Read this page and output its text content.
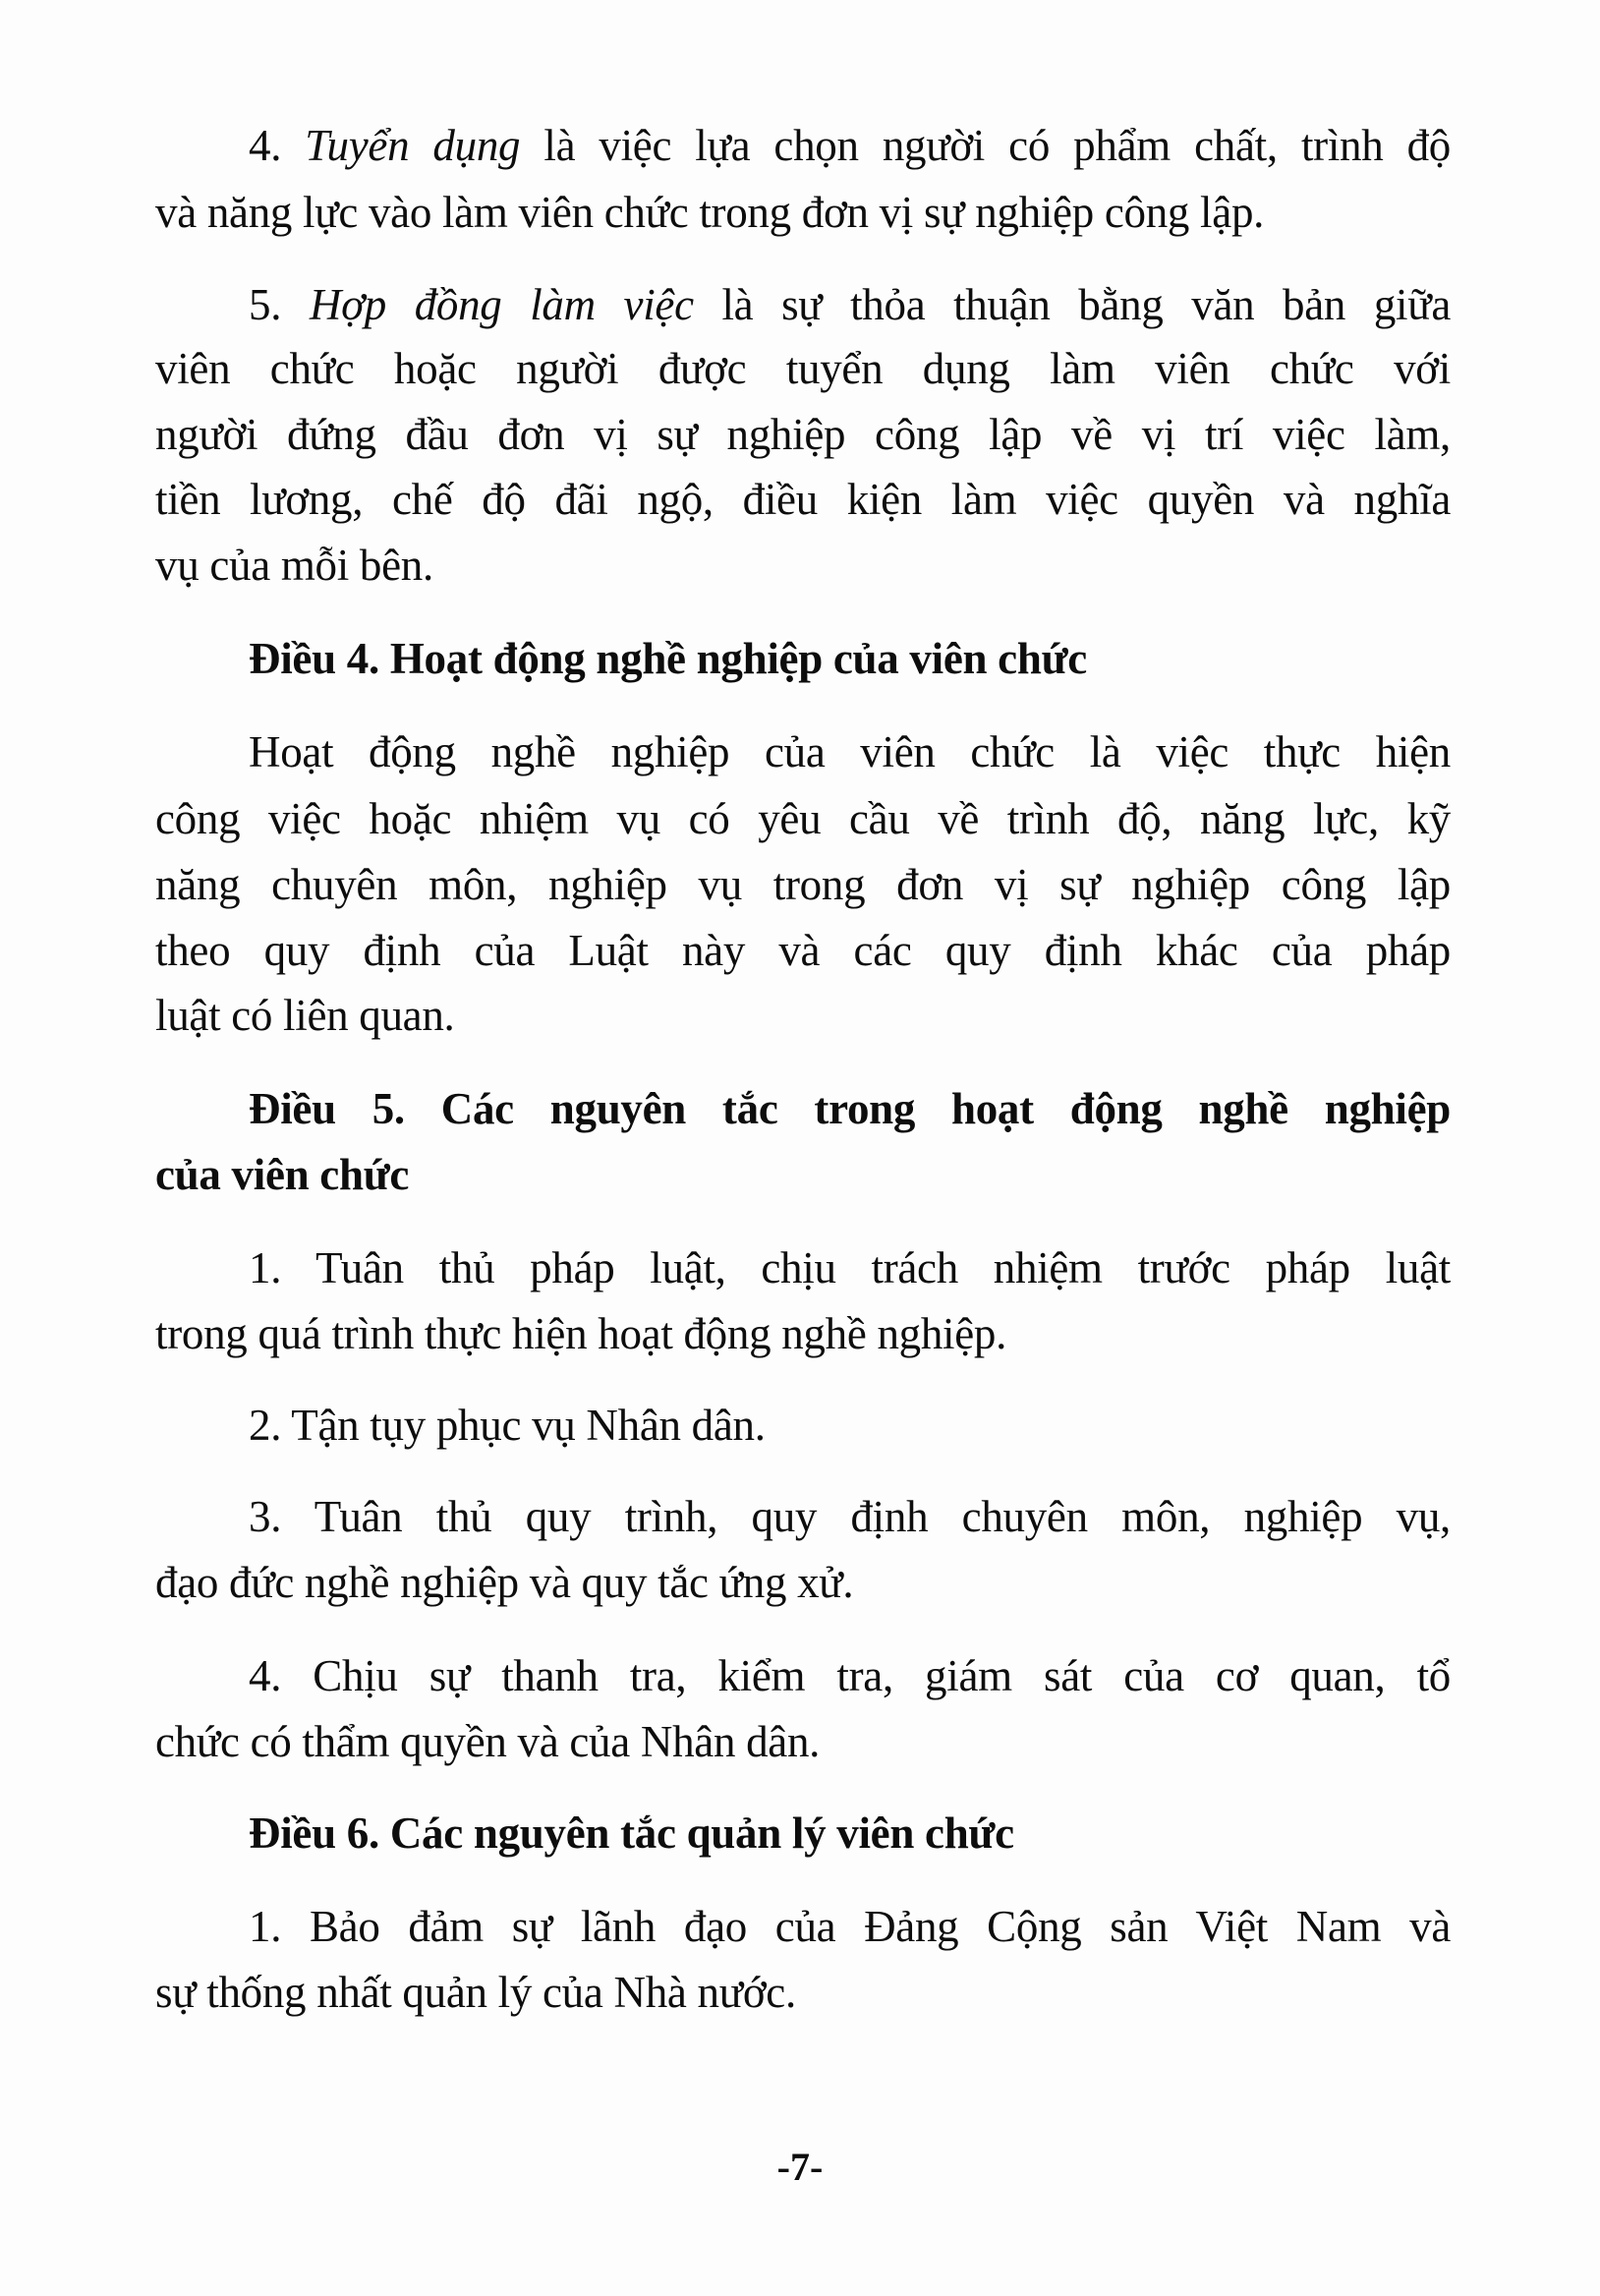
4. Tuyển dụng là việc lựa chọn người có phẩm chất, trình độ
và năng lực vào làm viên chức trong đơn vị sự nghiệp công lập.
5. Hợp đồng làm việc là sự thỏa thuận bằng văn bản giữa
viên chức hoặc người được tuyển dụng làm viên chức với
người đứng đầu đơn vị sự nghiệp công lập về vị trí việc làm,
tiền lương, chế độ đãi ngộ, điều kiện làm việc quyền và nghĩa
vụ của mỗi bên.
Điều 4. Hoạt động nghề nghiệp của viên chức
Hoạt động nghề nghiệp của viên chức là việc thực hiện
công việc hoặc nhiệm vụ có yêu cầu về trình độ, năng lực, kỹ
năng chuyên môn, nghiệp vụ trong đơn vị sự nghiệp công lập
theo quy định của Luật này và các quy định khác của pháp
luật có liên quan.
Điều 5. Các nguyên tắc trong hoạt động nghề nghiệp
của viên chức
1. Tuân thủ pháp luật, chịu trách nhiệm trước pháp luật
trong quá trình thực hiện hoạt động nghề nghiệp.
2. Tận tụy phục vụ Nhân dân.
3. Tuân thủ quy trình, quy định chuyên môn, nghiệp vụ,
đạo đức nghề nghiệp và quy tắc ứng xử.
4. Chịu sự thanh tra, kiểm tra, giám sát của cơ quan, tổ
chức có thẩm quyền và của Nhân dân.
Điều 6. Các nguyên tắc quản lý viên chức
1. Bảo đảm sự lãnh đạo của Đảng Cộng sản Việt Nam và
sự thống nhất quản lý của Nhà nước.
-7-
